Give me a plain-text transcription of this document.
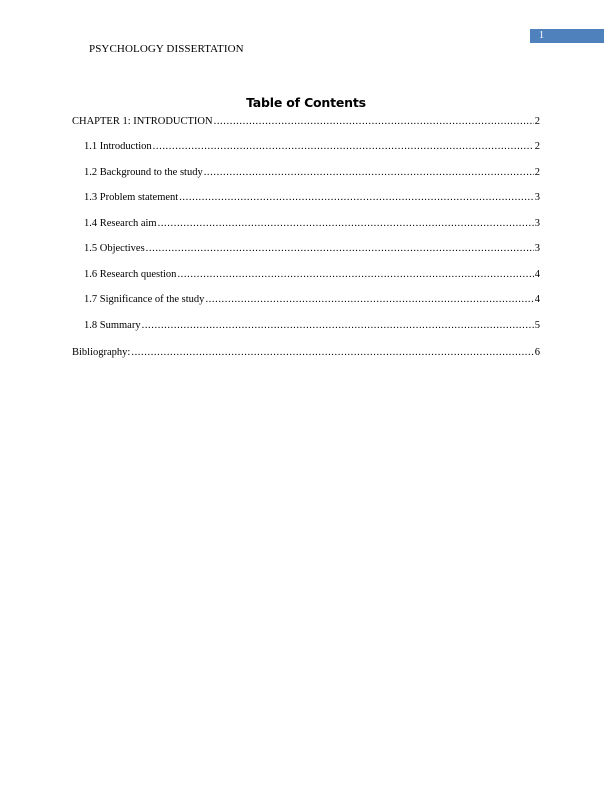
1
PSYCHOLOGY DISSERTATION
Table of Contents
CHAPTER 1: INTRODUCTION .....	2
1.1 Introduction .....	2
1.2 Background to the study .....	2
1.3 Problem statement .....	3
1.4 Research aim .....	3
1.5 Objectives .....	3
1.6 Research question .....	4
1.7 Significance of the study .....	4
1.8 Summary .....	5
Bibliography: .....	6
